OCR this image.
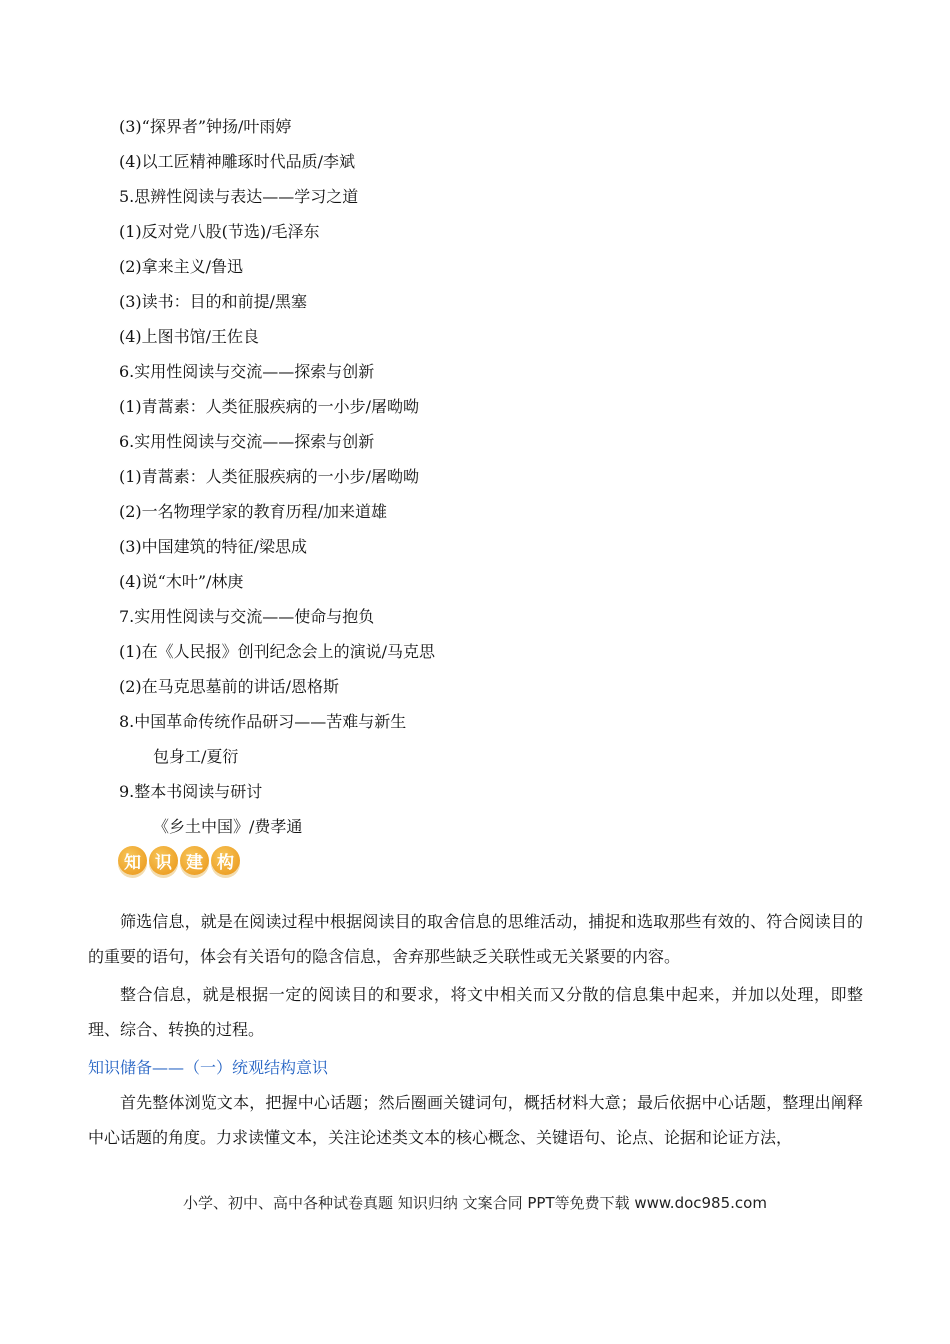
(3)“探界者”钟扬/叶雨婷
(4)以工匠精神雕琢时代品质/李斌
5.思辨性阅读与表达——学习之道
(1)反对党八股(节选)/毛泽东
(2)拿来主义/鲁迅
(3)读书：目的和前提/黑塞
(4)上图书馆/王佐良
6.实用性阅读与交流——探索与创新
(1)青蒿素：人类征服疾病的一小步/屠呦呦
6.实用性阅读与交流——探索与创新
(1)青蒿素：人类征服疾病的一小步/屠呦呦
(2)一名物理学家的教育历程/加来道雄
(3)中国建筑的特征/梁思成
(4)说“木叶”/林庚
7.实用性阅读与交流——使命与抱负
(1)在《人民报》创刊纪念会上的演说/马克思
(2)在马克思墓前的讲话/恩格斯
8.中国革命传统作品研习——苦难与新生
包身工/夏衍
9.整本书阅读与研讨
《乡土中国》/费孝通
知 识 建 构
筛选信息，就是在阅读过程中根据阅读目的取舍信息的思维活动，捕捉和选取那些有效的、符合阅读目的的重要的语句，体会有关语句的隐含信息，舍弃那些缺乏关联性或无关紧要的内容。
整合信息，就是根据一定的阅读目的和要求，将文中相关而又分散的信息集中起来，并加以处理，即整理、综合、转换的过程。
知识储备——（一）统观结构意识
首先整体浏览文本，把握中心话题；然后圈画关键词句，概括材料大意；最后依据中心话题，整理出阐释中心话题的角度。力求读懂文本，关注论述类文本的核心概念、关键语句、论点、论据和论证方法，
小学、初中、高中各种试卷真题 知识归纳 文案合同 PPT等免费下载 www.doc985.com
